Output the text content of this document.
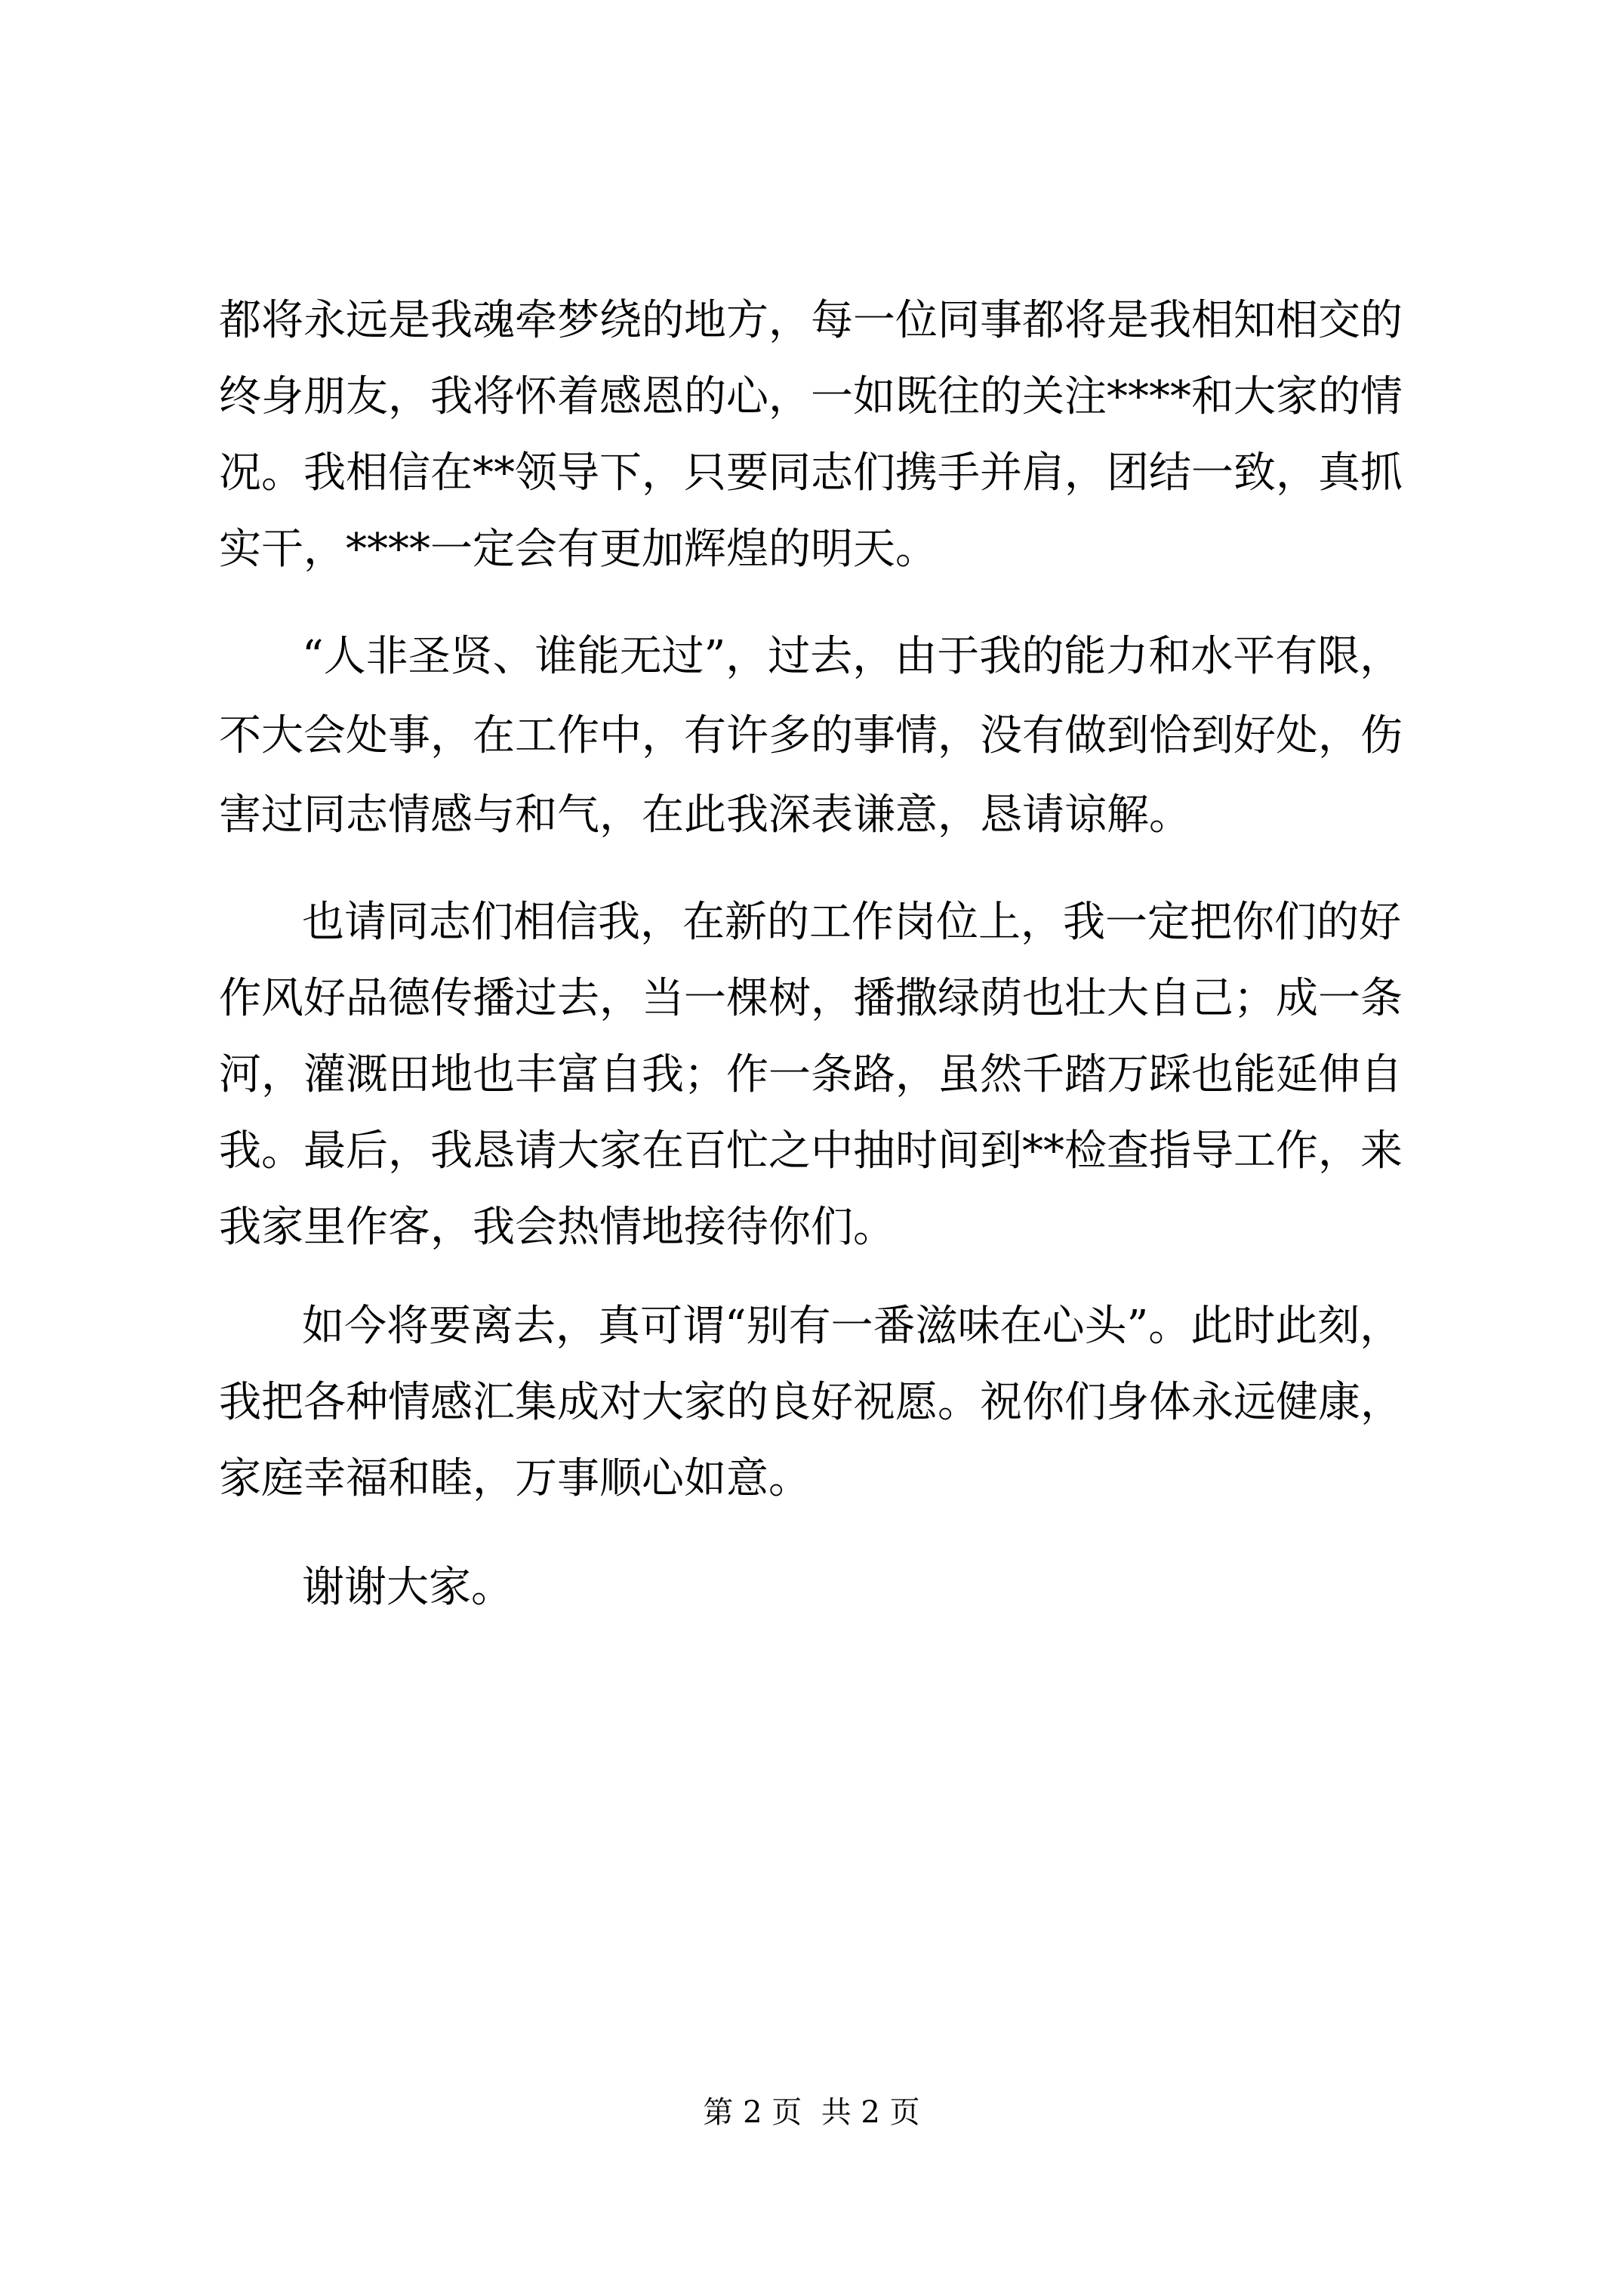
都将永远是我魂牵梦绕的地方，每一位同事都将是我相知相交的
终身朋友，我将怀着感恩的心，一如既往的关注****和大家的情
况。我相信在**领导下，只要同志们携手并肩，团结一致，真抓
实干，****一定会有更加辉煌的明天。
“人非圣贤、谁能无过”，过去，由于我的能力和水平有限，
不大会处事，在工作中，有许多的事情，没有做到恰到好处，伤
害过同志情感与和气，在此我深表谦意，恳请谅解。
也请同志们相信我，在新的工作岗位上，我一定把你们的好
作风好品德传播过去，当一棵树，播撒绿荫也壮大自己；成一条
河，灌溉田地也丰富自我；作一条路，虽然千踏万踩也能延伸自
我。最后，我恳请大家在百忙之中抽时间到**检查指导工作，来
我家里作客，我会热情地接待你们。
如今将要离去，真可谓“别有一番滋味在心头”。此时此刻，
我把各种情感汇集成对大家的良好祝愿。祝你们身体永远健康，
家庭幸福和睦，万事顺心如意。
谢谢大家。
第 2 页  共 2 页
